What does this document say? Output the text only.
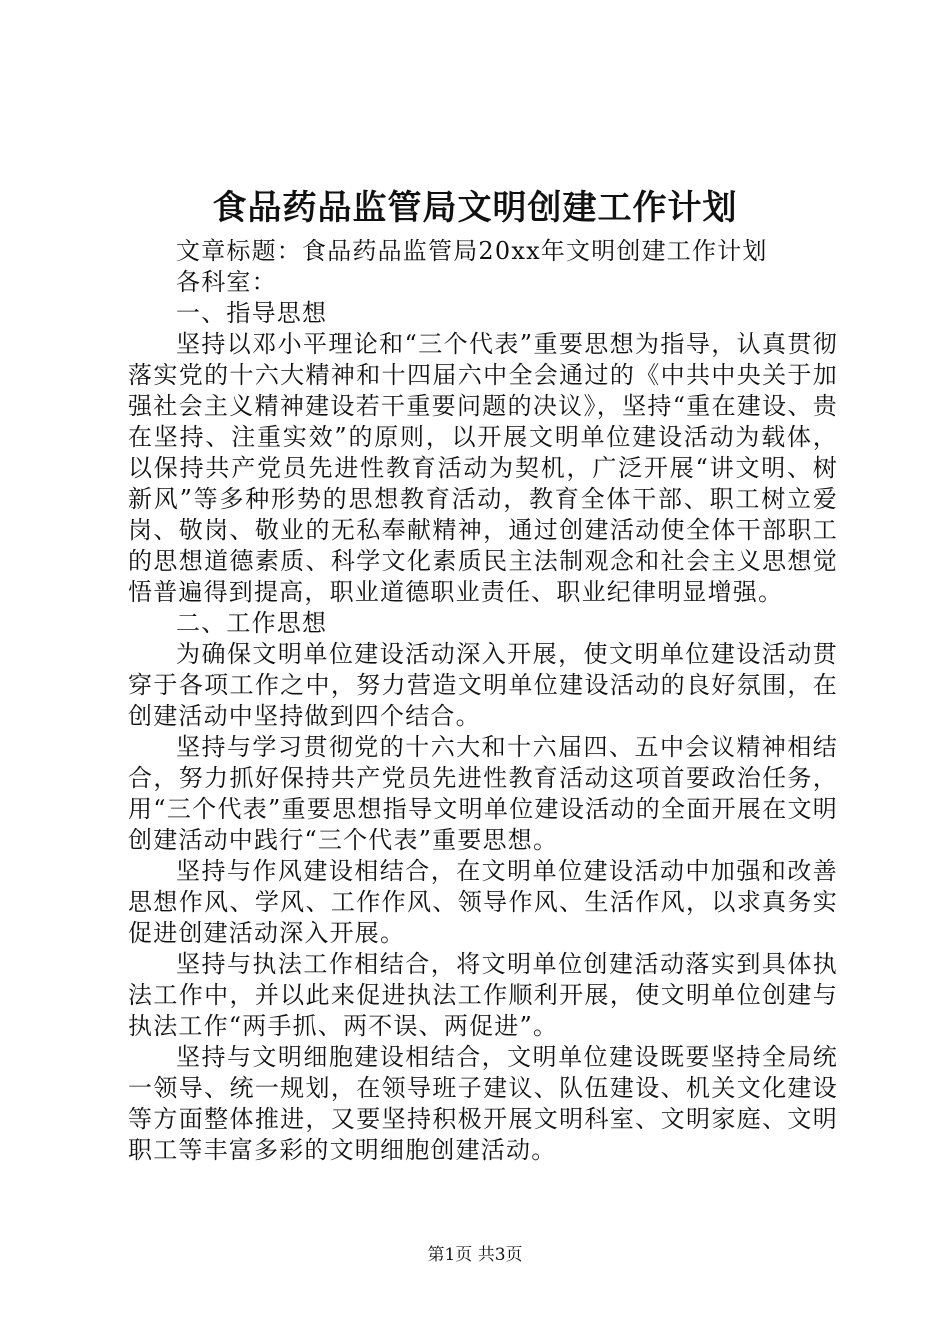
食品药品监管局文明创建工作计划

文章标题：食品药品监管局20xx年文明创建工作计划

各科室：

一、指导思想

坚持以邓小平理论和“三个代表”重要思想为指导，认真贯彻落实党的十六大精神和十四届六中全会通过的《中共中央关于加强社会主义精神建设若干重要问题的决议》，坚持“重在建设、贵在坚持、注重实效”的原则，以开展文明单位建设活动为载体，以保持共产党员先进性教育活动为契机，广泛开展“讲文明、树新风”等多种形势的思想教育活动，教育全体干部、职工树立爱岗、敬岗、敬业的无私奉献精神，通过创建活动使全体干部职工的思想道德素质、科学文化素质民主法制观念和社会主义思想觉悟普遍得到提高，职业道德职业责任、职业纪律明显增强。

二、工作思想

为确保文明单位建设活动深入开展，使文明单位建设活动贯穿于各项工作之中，努力营造文明单位建设活动的良好氛围，在创建活动中坚持做到四个结合。

坚持与学习贯彻党的十六大和十六届四、五中会议精神相结合，努力抓好保持共产党员先进性教育活动这项首要政治任务，用“三个代表”重要思想指导文明单位建设活动的全面开展在文明创建活动中践行“三个代表”重要思想。

坚持与作风建设相结合，在文明单位建设活动中加强和改善思想作风、学风、工作作风、领导作风、生活作风，以求真务实促进创建活动深入开展。

坚持与执法工作相结合，将文明单位创建活动落实到具体执法工作中，并以此来促进执法工作顺利开展，使文明单位创建与执法工作“两手抓、两不误、两促进”。

坚持与文明细胞建设相结合，文明单位建设既要坚持全局统一领导、统一规划，在领导班子建议、队伍建设、机关文化建设等方面整体推进，又要坚持积极开展文明科室、文明家庭、文明职工等丰富多彩的文明细胞创建活动。

第1页 共3页
